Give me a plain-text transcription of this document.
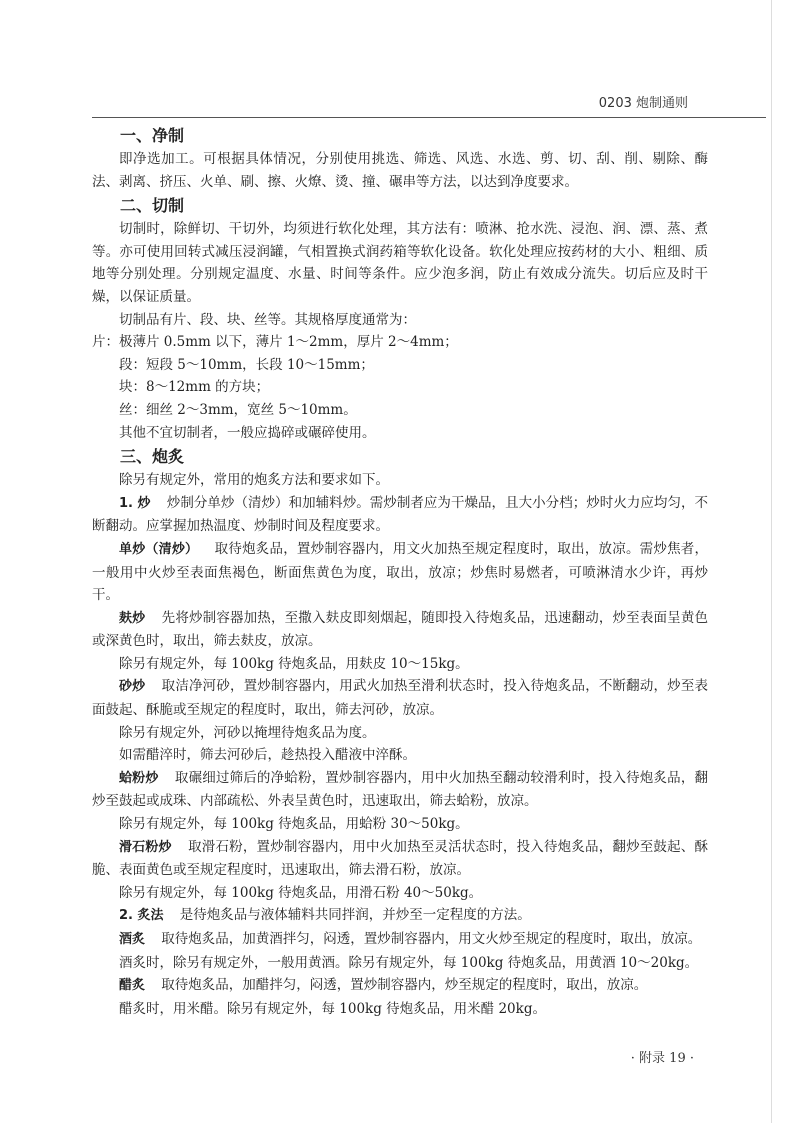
0203 炮制通则
一、净制

即净选加工。可根据具体情况，分别使用挑选、筛选、风选、水选、剪、切、刮、削、剔除、酶法、剥离、挤压、火单、刷、擦、火燎、烫、撞、碾串等方法，以达到净度要求。

二、切制

切制时，除鲜切、干切外，均须进行软化处理，其方法有：喷淋、抢水洗、浸泡、润、漂、蒸、煮等。亦可使用回转式减压浸润罐，气相置换式润药箱等软化设备。软化处理应按药材的大小、粗细、质地等分别处理。分别规定温度、水量、时间等条件。应少泡多润，防止有效成分流失。切后应及时干燥，以保证质量。

切制品有片、段、块、丝等。其规格厚度通常为：

片：极薄片 0.5mm 以下，薄片 1～2mm，厚片 2～4mm；

段：短段 5～10mm，长段 10～15mm；

块：8～12mm 的方块；

丝：细丝 2～3mm，宽丝 5～10mm。

其他不宜切制者，一般应捣碎或碾碎使用。

三、炮炙

除另有规定外，常用的炮炙方法和要求如下。

1. 炒 炒制分单炒（清炒）和加辅料炒。需炒制者应为干燥品，且大小分档；炒时火力应均匀，不断翻动。应掌握加热温度、炒制时间及程度要求。

单炒（清炒） 取待炮炙品，置炒制容器内，用文火加热至规定程度时，取出，放凉。需炒焦者，一般用中火炒至表面焦褐色，断面焦黄色为度，取出，放凉；炒焦时易燃者，可喷淋清水少许，再炒干。

麸炒 先将炒制容器加热，至撒入麸皮即刻烟起，随即投入待炮炙品，迅速翻动，炒至表面呈黄色或深黄色时，取出，筛去麸皮，放凉。

除另有规定外，每 100kg 待炮炙品，用麸皮 10～15kg。

砂炒 取洁净河砂，置炒制容器内，用武火加热至滑利状态时，投入待炮炙品，不断翻动，炒至表面鼓起、酥脆或至规定的程度时，取出，筛去河砂，放凉。

除另有规定外，河砂以掩埋待炮炙品为度。

如需醋淬时，筛去河砂后，趁热投入醋液中淬酥。

蛤粉炒 取碾细过筛后的净蛤粉，置炒制容器内，用中火加热至翻动较滑利时，投入待炮炙品，翻炒至鼓起或成珠、内部疏松、外表呈黄色时，迅速取出，筛去蛤粉，放凉。

除另有规定外，每 100kg 待炮炙品，用蛤粉 30～50kg。

滑石粉炒 取滑石粉，置炒制容器内，用中火加热至灵活状态时，投入待炮炙品，翻炒至鼓起、酥脆、表面黄色或至规定程度时，迅速取出，筛去滑石粉，放凉。

除另有规定外，每 100kg 待炮炙品，用滑石粉 40～50kg。

2. 炙法 是待炮炙品与液体辅料共同拌润，并炒至一定程度的方法。

酒炙 取待炮炙品，加黄酒拌匀，闷透，置炒制容器内，用文火炒至规定的程度时，取出，放凉。

酒炙时，除另有规定外，一般用黄酒。除另有规定外，每 100kg 待炮炙品，用黄酒 10～20kg。

醋炙 取待炮炙品，加醋拌匀，闷透，置炒制容器内，炒至规定的程度时，取出，放凉。

醋炙时，用米醋。除另有规定外，每 100kg 待炮炙品，用米醋 20kg。

· 附录 19 ·
